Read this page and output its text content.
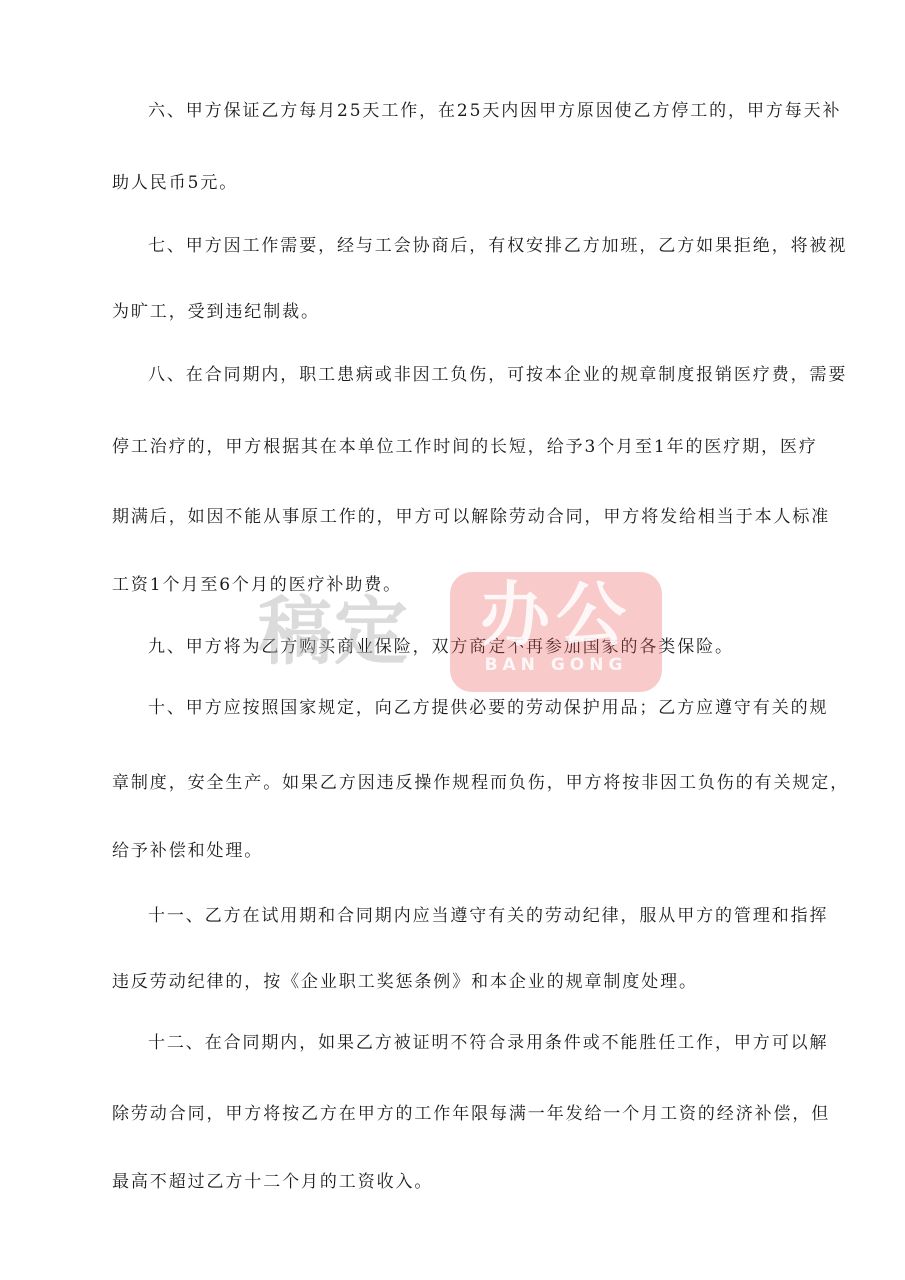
六、甲方保证乙方每月25天工作，在25天内因甲方原因使乙方停工的，甲方每天补
助人民币5元。
七、甲方因工作需要，经与工会协商后，有权安排乙方加班，乙方如果拒绝，将被视
为旷工，受到违纪制裁。
八、在合同期内，职工患病或非因工负伤，可按本企业的规章制度报销医疗费，需要
停工治疗的，甲方根据其在本单位工作时间的长短，给予3个月至1年的医疗期，医疗
期满后，如因不能从事原工作的，甲方可以解除劳动合同，甲方将发给相当于本人标准
工资1个月至6个月的医疗补助费。
九、甲方将为乙方购买商业保险，双方商定不再参加国家的各类保险。
十、甲方应按照国家规定，向乙方提供必要的劳动保护用品；乙方应遵守有关的规
章制度，安全生产。如果乙方因违反操作规程而负伤，甲方将按非因工负伤的有关规定，
给予补偿和处理。
十一、乙方在试用期和合同期内应当遵守有关的劳动纪律，服从甲方的管理和指挥
违反劳动纪律的，按《企业职工奖惩条例》和本企业的规章制度处理。
十二、在合同期内，如果乙方被证明不符合录用条件或不能胜任工作，甲方可以解
除劳动合同，甲方将按乙方在甲方的工作年限每满一年发给一个月工资的经济补偿，但
最高不超过乙方十二个月的工资收入。
稿定	办公
BAN GONG
